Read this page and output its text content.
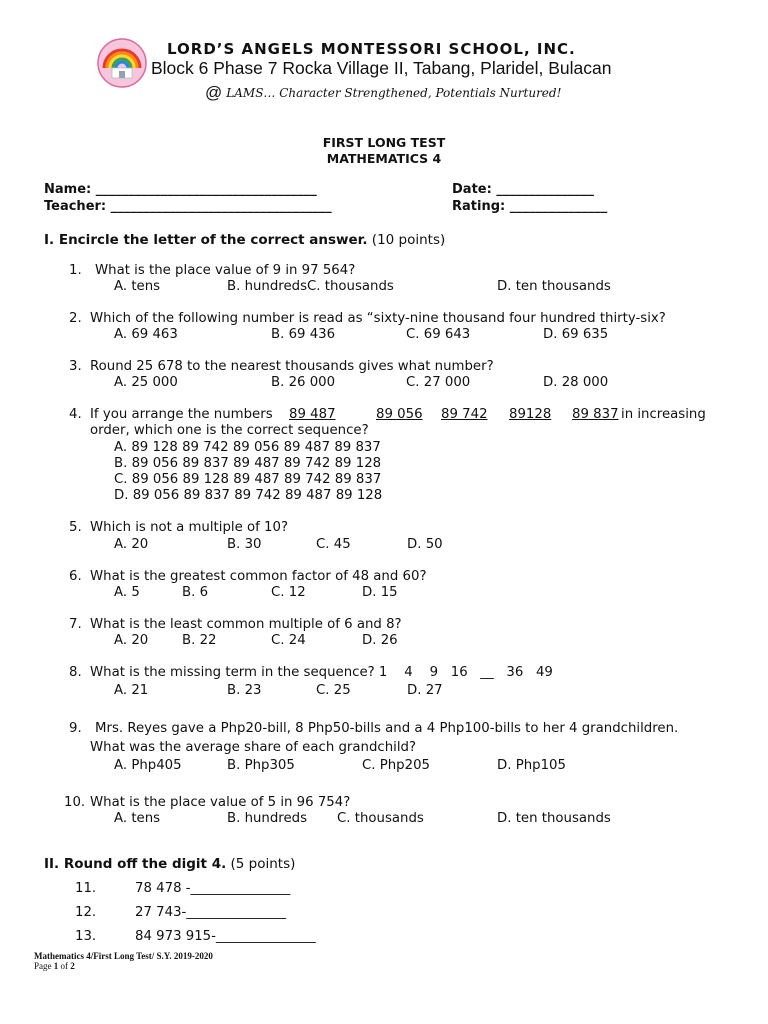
LORD’S ANGELS MONTESSORI SCHOOL, INC.
Block 6 Phase 7 Rocka Village II, Tabang, Plaridel, Bulacan
@ LAMS… Character Strengthened, Potentials Nurtured!
FIRST LONG TEST
MATHEMATICS 4
Name: __________________________________
Teacher: __________________________________
Date: _______________
Rating: _______________
I. Encircle the letter of the correct answer. (10 points)
1. What is the place value of 9 in 97 564?
A. tens	B. hundredsC. thousands	D. ten thousands
2. Which of the following number is read as “sixty-nine thousand four hundred thirty-six?
A. 69 463	B. 69 436	C. 69 643	D. 69 635
3. Round 25 678 to the nearest thousands gives what number?
A. 25 000	B. 26 000	C. 27 000	D. 28 000
4. If you arrange the numbers 89 487	89 056 89 742 89128 89 837 in increasing
order, which one is the correct sequence?
A. 89 128 89 742 89 056 89 487 89 837
B. 89 056 89 837 89 487 89 742 89 128
C. 89 056 89 128 89 487 89 742 89 837
D. 89 056 89 837 89 742 89 487 89 128
5. Which is not a multiple of 10?
A. 20	B. 30	C. 45	D. 50
6. What is the greatest common factor of 48 and 60?
A. 5	B. 6	C. 12	D. 15
7. What is the least common multiple of 6 and 8?
A. 20	B. 22	C. 24	D. 26
8. What is the missing term in the sequence? 1    4    9   16   __   36   49
A. 21	B. 23	C. 25	D. 27
9. Mrs. Reyes gave a Php20-bill, 8 Php50-bills and a 4 Php100-bills to her 4 grandchildren.
What was the average share of each grandchild?
A. Php405	B. Php305	C. Php205	D. Php105
10. What is the place value of 5 in 96 754?
A. tens	B. hundreds C. thousands	D. ten thousands
II. Round off the digit 4. (5 points)
11.	78 478 -_______________
12.	27 743-_______________
13.	84 973 915-_______________
Mathematics 4/First Long Test/ S.Y. 2019-2020
Page 1 of 2
